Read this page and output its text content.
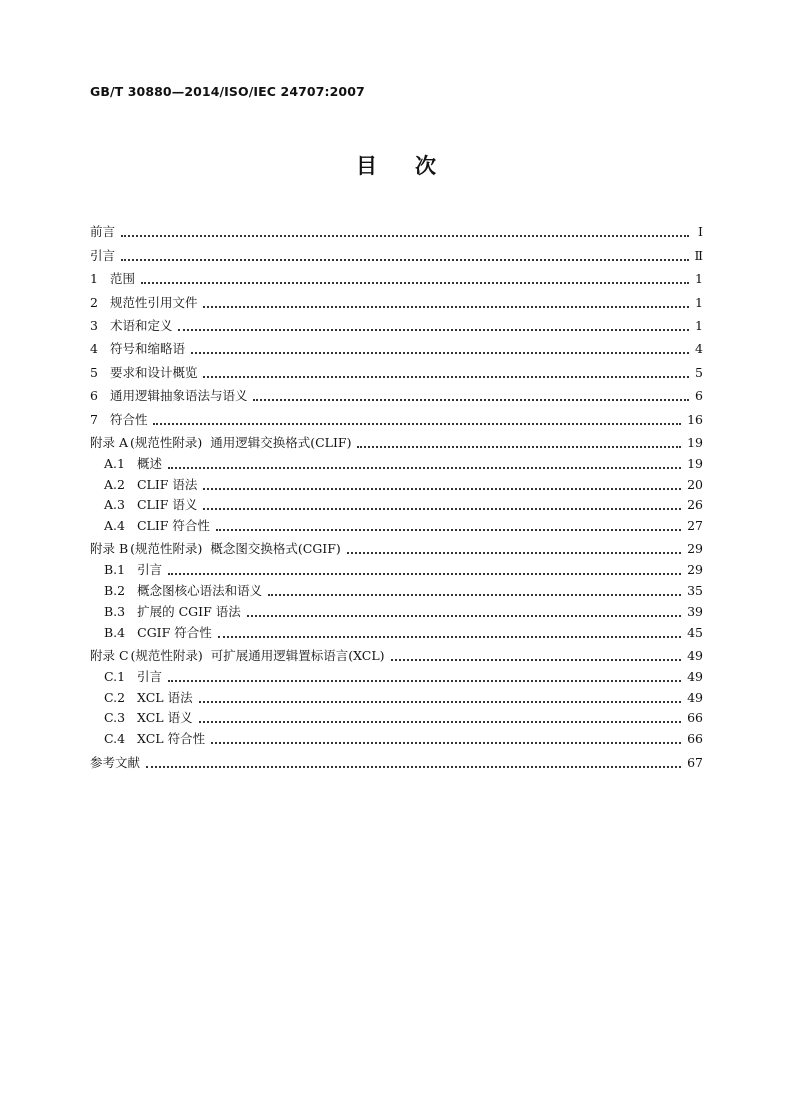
GB/T 30880—2014/ISO/IEC 24707:2007
目次
前言	Ⅰ
引言	Ⅱ
1 范围	1
2 规范性引用文件	1
3 术语和定义	1
4 符号和缩略语	4
5 要求和设计概览	5
6 通用逻辑抽象语法与语义	6
7 符合性	16
附录 A (规范性附录)  通用逻辑交换格式(CLIF)	19
A.1 概述	19
A.2 CLIF 语法	20
A.3 CLIF 语义	26
A.4 CLIF 符合性	27
附录 B (规范性附录)  概念图交换格式(CGIF)	29
B.1 引言	29
B.2 概念图核心语法和语义	35
B.3 扩展的 CGIF 语法	39
B.4 CGIF 符合性	45
附录 C (规范性附录)  可扩展通用逻辑置标语言(XCL)	49
C.1 引言	49
C.2 XCL 语法	49
C.3 XCL 语义	66
C.4 XCL 符合性	66
参考文献	67
